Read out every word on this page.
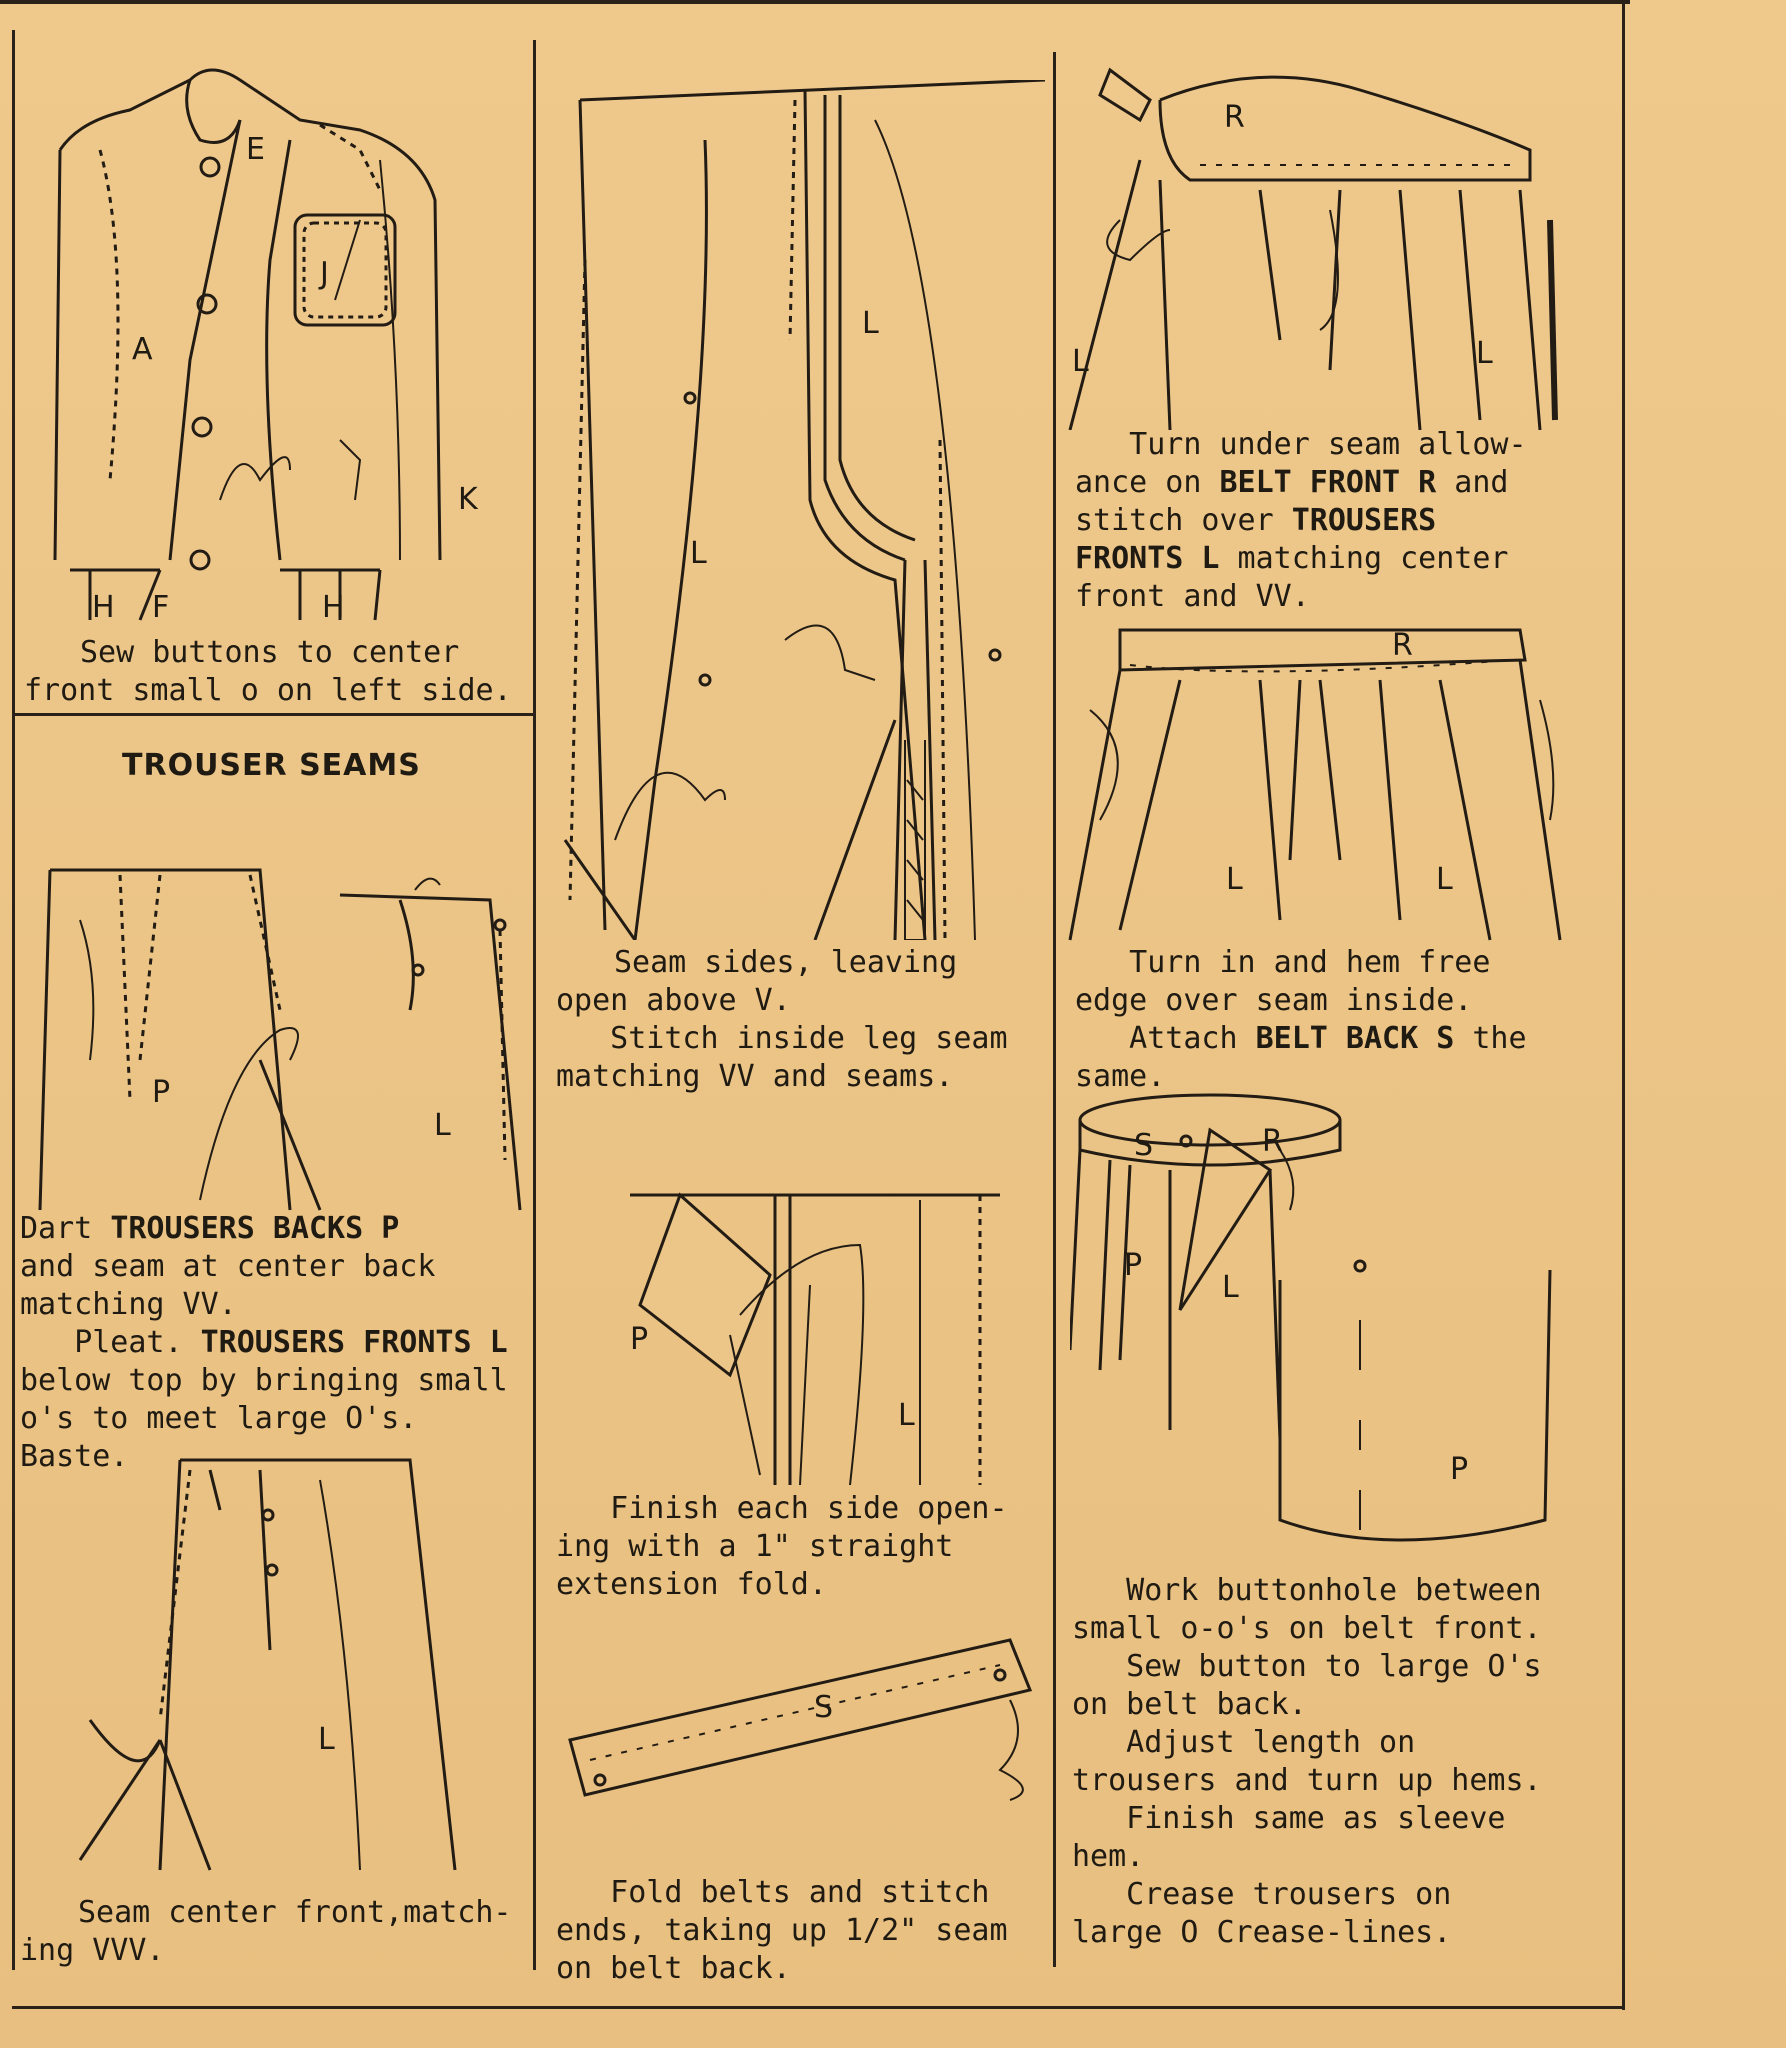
E
J
A
K
H F	H
Sew buttons to center
front small o on left side.
TROUSER SEAMS
P
L
Dart TROUSERS BACKS P
and seam at center back
matching VV.
Pleat. TROUSERS FRONTS L
below top by bringing small
o's to meet large O's.
Baste.
L
Seam center front,match-
ing VVV.
L
L
Seam sides, leaving
open above V.
Stitch inside leg seam
matching VV and seams.
P
L
Finish each side open-
ing with a 1" straight
extension fold.
S
Fold belts and stitch
ends, taking up 1/2" seam
on belt back.
R
L	L
Turn under seam allow-
ance on BELT FRONT R and
stitch over TROUSERS
FRONTS L matching center
front and VV.
R
L	L
Turn in and hem free
edge over seam inside.
Attach BELT BACK S the
same.
S	R
P
L
P
Work buttonhole between
small o-o's on belt front.
Sew button to large O's
on belt back.
Adjust length on
trousers and turn up hems.
Finish same as sleeve
hem.
Crease trousers on
large O Crease-lines.
